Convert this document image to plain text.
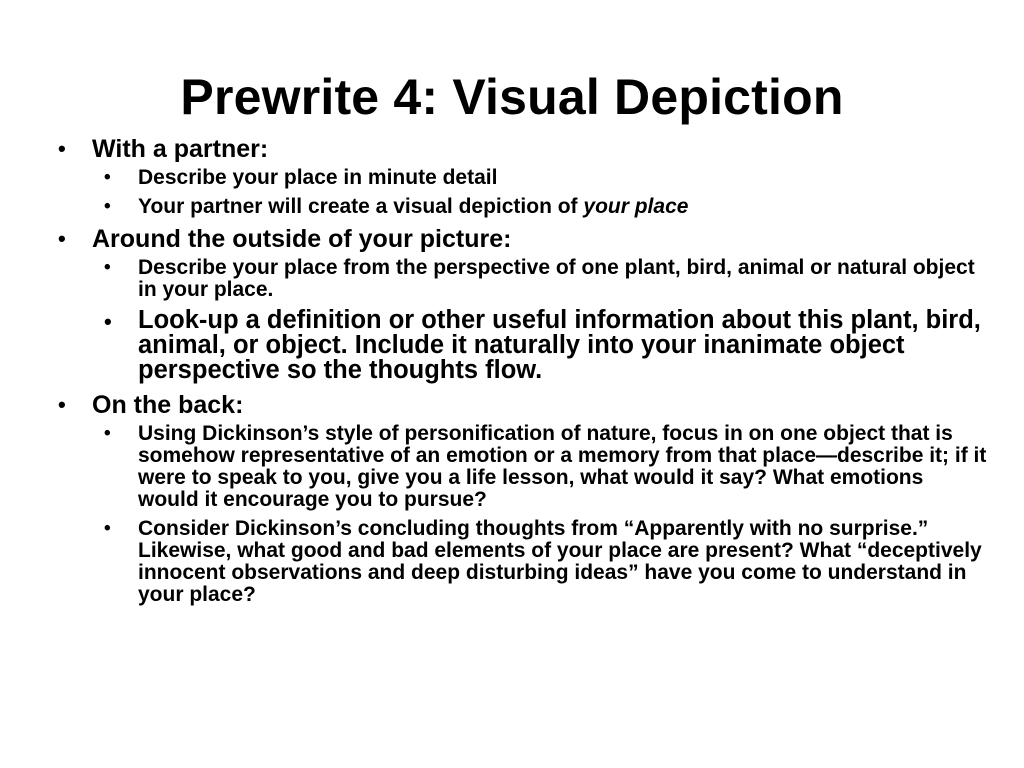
Prewrite 4: Visual Depiction
• With a partner:
• Describe your place in minute detail
• Your partner will create a visual depiction of your place
• Around the outside of your picture:
• Describe your place from the perspective of one plant, bird, animal or natural object in your place.
• Look-up a definition or other useful information about this plant, bird, animal, or object. Include it naturally into your inanimate object perspective so the thoughts flow.
• On the back:
• Using Dickinson’s style of personification of nature, focus in on one object that is somehow representative of an emotion or a memory from that place—describe it; if it were to speak to you, give you a life lesson, what would it say? What emotions would it encourage you to pursue?
• Consider Dickinson’s concluding thoughts from “Apparently with no surprise.” Likewise, what good and bad elements of your place are present? What “deceptively innocent observations and deep disturbing ideas” have you come to understand in your place?
